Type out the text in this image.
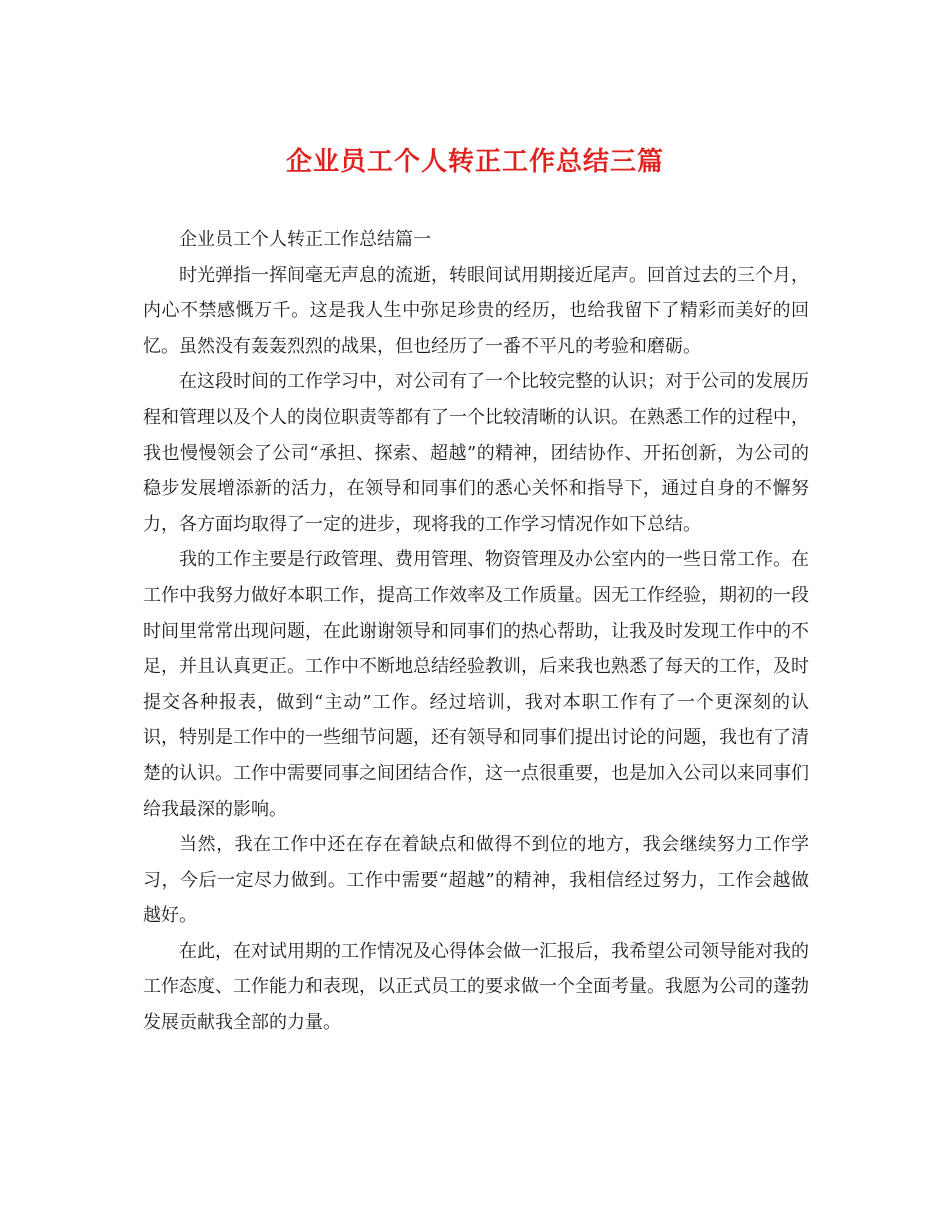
企业员工个人转正工作总结三篇

企业员工个人转正工作总结篇一

时光弹指一挥间毫无声息的流逝，转眼间试用期接近尾声。回首过去的三个月，内心不禁感慨万千。这是我人生中弥足珍贵的经历，也给我留下了精彩而美好的回忆。虽然没有轰轰烈烈的战果，但也经历了一番不平凡的考验和磨砺。

在这段时间的工作学习中，对公司有了一个比较完整的认识；对于公司的发展历程和管理以及个人的岗位职责等都有了一个比较清晰的认识。在熟悉工作的过程中，我也慢慢领会了公司“承担、探索、超越”的精神，团结协作、开拓创新，为公司的稳步发展增添新的活力，在领导和同事们的悉心关怀和指导下，通过自身的不懈努力，各方面均取得了一定的进步，现将我的工作学习情况作如下总结。

我的工作主要是行政管理、费用管理、物资管理及办公室内的一些日常工作。在工作中我努力做好本职工作，提高工作效率及工作质量。因无工作经验，期初的一段时间里常常出现问题，在此谢谢领导和同事们的热心帮助，让我及时发现工作中的不足，并且认真更正。工作中不断地总结经验教训，后来我也熟悉了每天的工作，及时提交各种报表，做到“主动”工作。经过培训，我对本职工作有了一个更深刻的认识，特别是工作中的一些细节问题，还有领导和同事们提出讨论的问题，我也有了清楚的认识。工作中需要同事之间团结合作，这一点很重要，也是加入公司以来同事们给我最深的影响。

当然，我在工作中还在存在着缺点和做得不到位的地方，我会继续努力工作学习，今后一定尽力做到。工作中需要“超越”的精神，我相信经过努力，工作会越做越好。

在此，在对试用期的工作情况及心得体会做一汇报后，我希望公司领导能对我的工作态度、工作能力和表现，以正式员工的要求做一个全面考量。我愿为公司的蓬勃发展贡献我全部的力量。
